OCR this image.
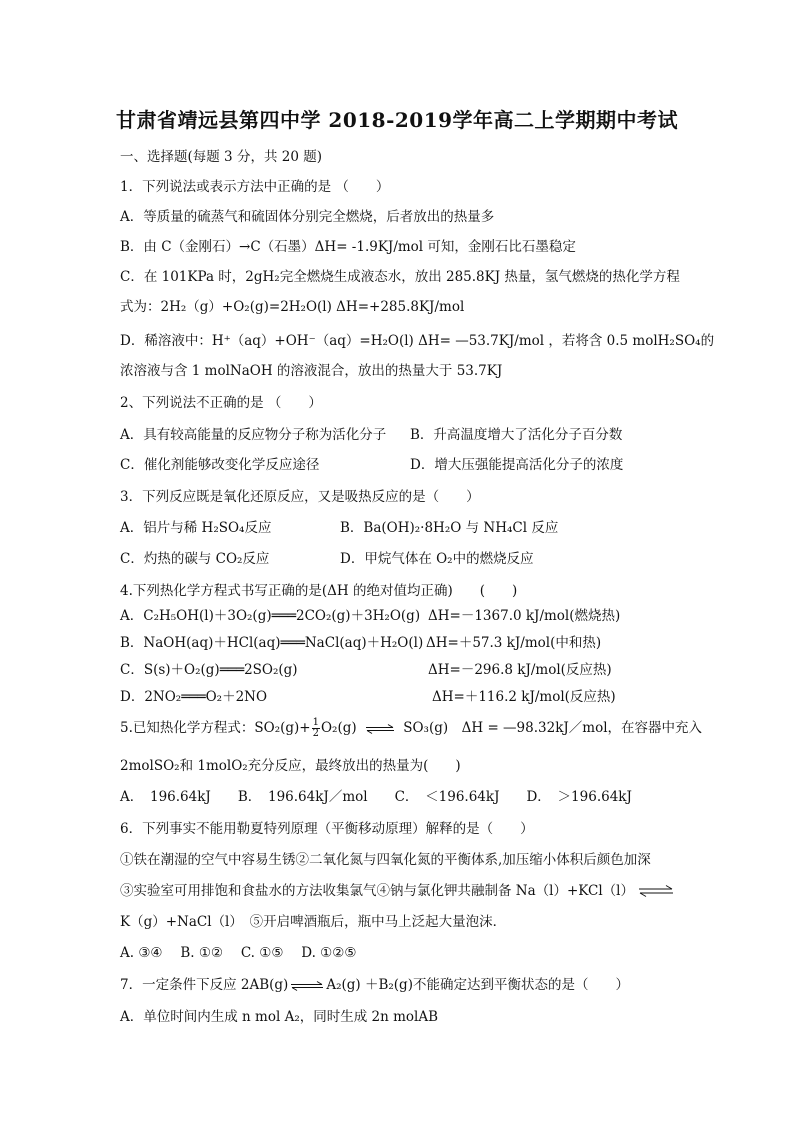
甘肃省靖远县第四中学 2018-2019学年高二上学期期中考试
一、选择题(每题 3 分，共 20 题)
1．下列说法或表示方法中正确的是 （　　）
A．等质量的硫蒸气和硫固体分别完全燃烧，后者放出的热量多
B．由 C（金刚石）→C（石墨）ΔH= -1.9KJ/mol 可知，金刚石比石墨稳定
C．在 101KPa 时，2gH₂完全燃烧生成液态水，放出 285.8KJ 热量，氢气燃烧的热化学方程
式为：2H₂（g）+O₂(g)=2H₂O(l) ΔH=+285.8KJ/mol
D．稀溶液中：H⁺（aq）+OH⁻（aq）=H₂O(l) ΔH= —53.7KJ/mol ，若将含 0.5 molH₂SO₄的
浓溶液与含 1 molNaOH 的溶液混合，放出的热量大于 53.7KJ
2、下列说法不正确的是 （　　）
A．具有较高能量的反应物分子称为活化分子 B．升高温度增大了活化分子百分数
C．催化剂能够改变化学反应途径	D．增大压强能提高活化分子的浓度
3．下列反应既是氧化还原反应，又是吸热反应的是（　　）
A．铝片与稀 H₂SO₄反应	B．Ba(OH)₂·8H₂O 与 NH₄Cl 反应
C．灼热的碳与 CO₂反应	D．甲烷气体在 O₂中的燃烧反应
4.下列热化学方程式书写正确的是(ΔH 的绝对值均正确)　　(　　)
A．C₂H₅OH(l)＋3O₂(g)═══2CO₂(g)＋3H₂O(g) ΔH=－1367.0 kJ/mol(燃烧热)
B．NaOH(aq)＋HCl(aq)═══NaCl(aq)＋H₂O(l) ΔH=＋57.3 kJ/mol(中和热)
C．S(s)＋O₂(g)═══2SO₂(g)	ΔH=－296.8 kJ/mol(反应热)
D．2NO₂═══O₂＋2NO	ΔH=＋116.2 kJ/mol(反应热)
5.已知热化学方程式：$SO_2(g)+ \frac{1}{2} O_2(g)$ ⇌ SO₃(g)　ΔH = —98.32kJ／mol，在容器中充入
2molSO₂和 1molO₂充分反应，最终放出的热量为(　　)
A．　196.64kJ　　B．　196.64kJ／mol　　C．　＜196.64kJ　　D．　＞196.64kJ
6．下列事实不能用勒夏特列原理（平衡移动原理）解释的是（　　）
①铁在潮湿的空气中容易生锈②二氧化氮与四氧化氮的平衡体系,加压缩小体积后颜色加深
③实验室可用排饱和食盐水的方法收集氯气④钠与氯化钾共融制备 Na（l）+KCl（l） ⇌
K（g）+NaCl（l）　⑤开启啤酒瓶后，瓶中马上泛起大量泡沫．
A. ③④　 B. ①②　 C. ①⑤　 D. ①②⑤
7．一定条件下反应 2AB(g) ⇌ A₂(g) ＋B₂(g)不能确定达到平衡状态的是（　　）
A．单位时间内生成 n mol A₂，同时生成 2n molAB
